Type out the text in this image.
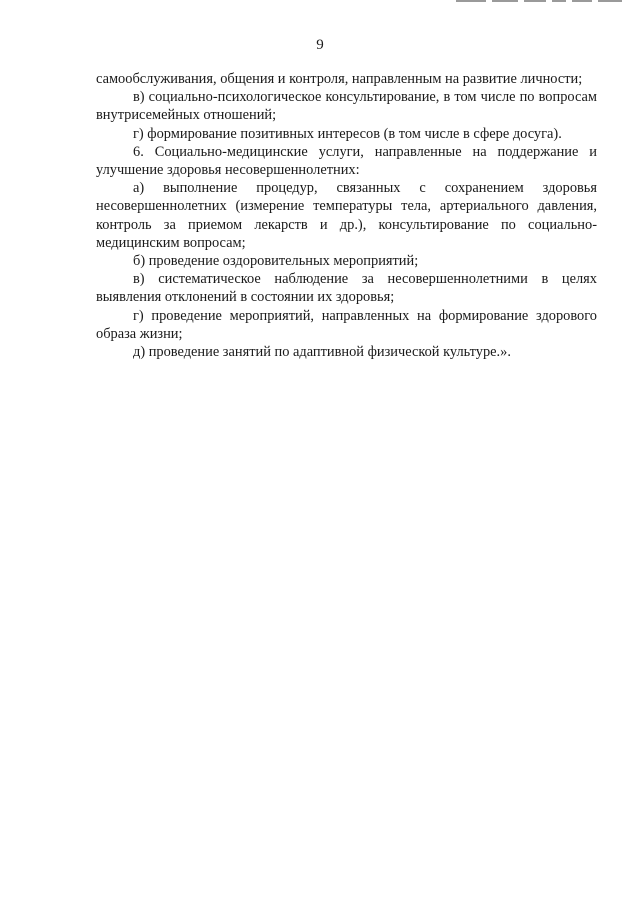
9

самообслуживания, общения и контроля, направленным на развитие личности;

в) социально-психологическое консультирование, в том числе по вопросам внутрисемейных отношений;

г) формирование позитивных интересов (в том числе в сфере досуга).

6. Социально-медицинские услуги, направленные на поддержание и улучшение здоровья несовершеннолетних:

а) выполнение процедур, связанных с сохранением здоровья несовершеннолетних (измерение температуры тела, артериального давления, контроль за приемом лекарств и др.), консультирование по социально-медицинским вопросам;

б) проведение оздоровительных мероприятий;

в) систематическое наблюдение за несовершеннолетними в целях выявления отклонений в состоянии их здоровья;

г) проведение мероприятий, направленных на формирование здорового образа жизни;

д) проведение занятий по адаптивной физической культуре.».
